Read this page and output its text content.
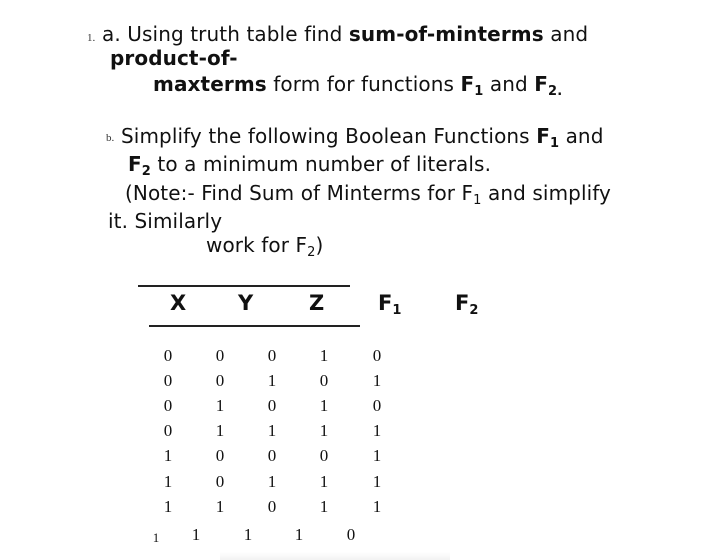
1. a. Using truth table find sum-of-minterms and
product-of-
maxterms form for functions $F_1$ and $F_{2.}$
b. Simplify the following Boolean Functions $F_1$ and
$F_2$ to a minimum number of literals.
(Note:- Find Sum of Minterms for $F_1$ and simplify
it. Similarly
work for $F_2$)
X Y	Z	$F_1$	$F_2$
0	0	0	1	0
0	0	1	0	1
0	1	0	1	0
0	1	1	1	1
1	0	0	0	1
1	0	1	1	1
1	1	0	1	1
1	1	1	1	0
